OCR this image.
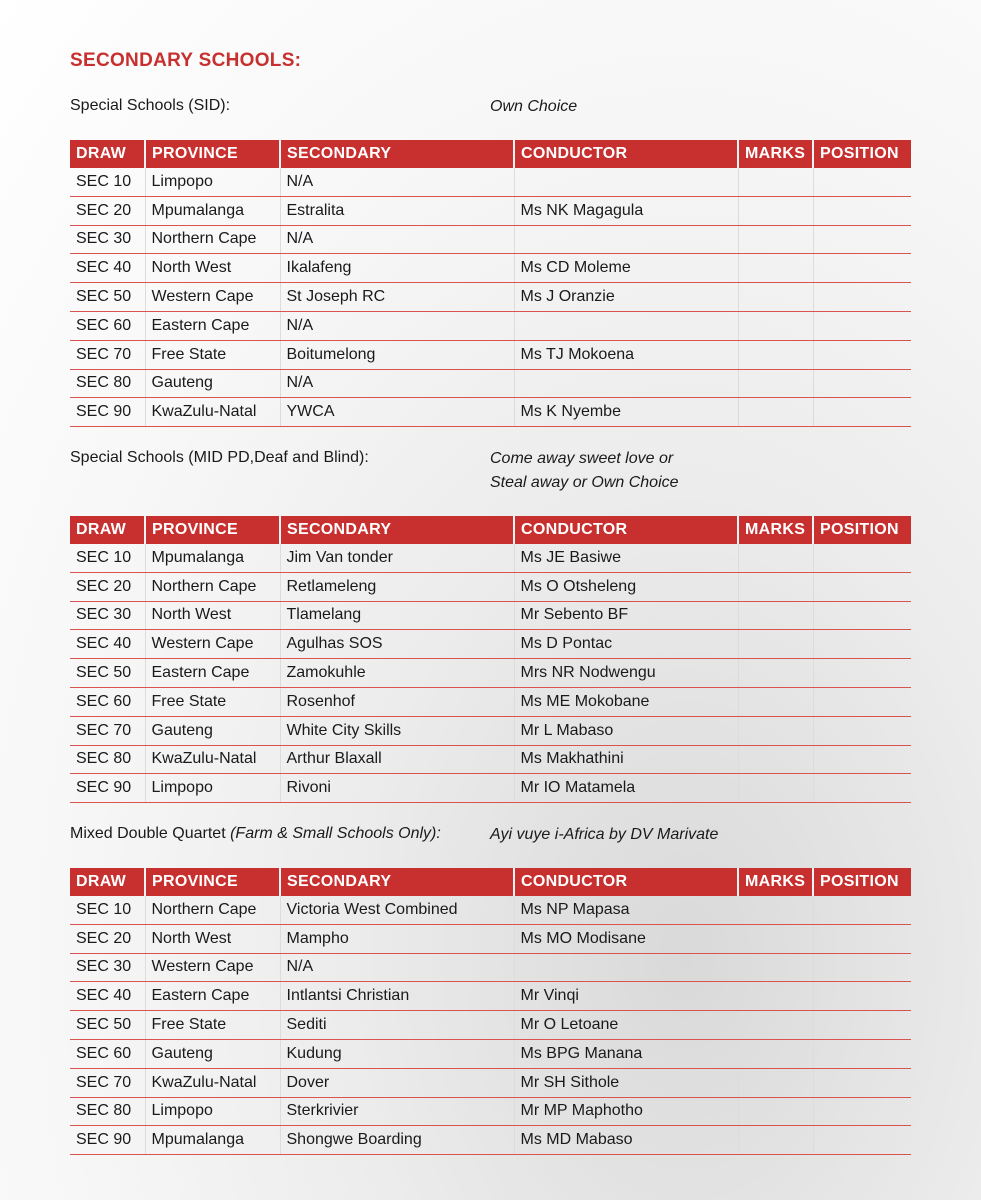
SECONDARY SCHOOLS:
Special Schools (SID):	Own Choice
DRAW	PROVINCE	SECONDARY	CONDUCTOR	MARKS	POSITION
SEC 10	Limpopo	N/A			
SEC 20	Mpumalanga	Estralita	Ms NK Magagula		
SEC 30	Northern Cape	N/A			
SEC 40	North West	Ikalafeng	Ms CD Moleme		
SEC 50	Western Cape	St Joseph RC	Ms J Oranzie		
SEC 60	Eastern Cape	N/A			
SEC 70	Free State	Boitumelong	Ms TJ Mokoena		
SEC 80	Gauteng	N/A			
SEC 90	KwaZulu-Natal	YWCA	Ms K Nyembe		
Special Schools (MID PD,Deaf and Blind):	Come away sweet love or
Steal away or Own Choice
DRAW	PROVINCE	SECONDARY	CONDUCTOR	MARKS	POSITION
SEC 10	Mpumalanga	Jim Van tonder	Ms JE Basiwe		
SEC 20	Northern Cape	Retlameleng	Ms O Otsheleng		
SEC 30	North West	Tlamelang	Mr Sebento BF		
SEC 40	Western Cape	Agulhas SOS	Ms D Pontac		
SEC 50	Eastern Cape	Zamokuhle	Mrs NR Nodwengu		
SEC 60	Free State	Rosenhof	Ms ME Mokobane		
SEC 70	Gauteng	White City Skills	Mr L Mabaso		
SEC 80	KwaZulu-Natal	Arthur Blaxall	Ms Makhathini		
SEC 90	Limpopo	Rivoni	Mr IO Matamela		
Mixed Double Quartet (Farm & Small Schools Only):	Ayi vuye i-Africa by DV Marivate
DRAW	PROVINCE	SECONDARY	CONDUCTOR	MARKS	POSITION
SEC 10	Northern Cape	Victoria West Combined	Ms NP Mapasa		
SEC 20	North West	Mampho	Ms MO Modisane		
SEC 30	Western Cape	N/A			
SEC 40	Eastern Cape	Intlantsi Christian	Mr Vinqi		
SEC 50	Free State	Sediti	Mr O Letoane		
SEC 60	Gauteng	Kudung	Ms BPG Manana		
SEC 70	KwaZulu-Natal	Dover	Mr SH Sithole		
SEC 80	Limpopo	Sterkrivier	Mr MP Maphotho		
SEC 90	Mpumalanga	Shongwe Boarding	Ms MD Mabaso		
